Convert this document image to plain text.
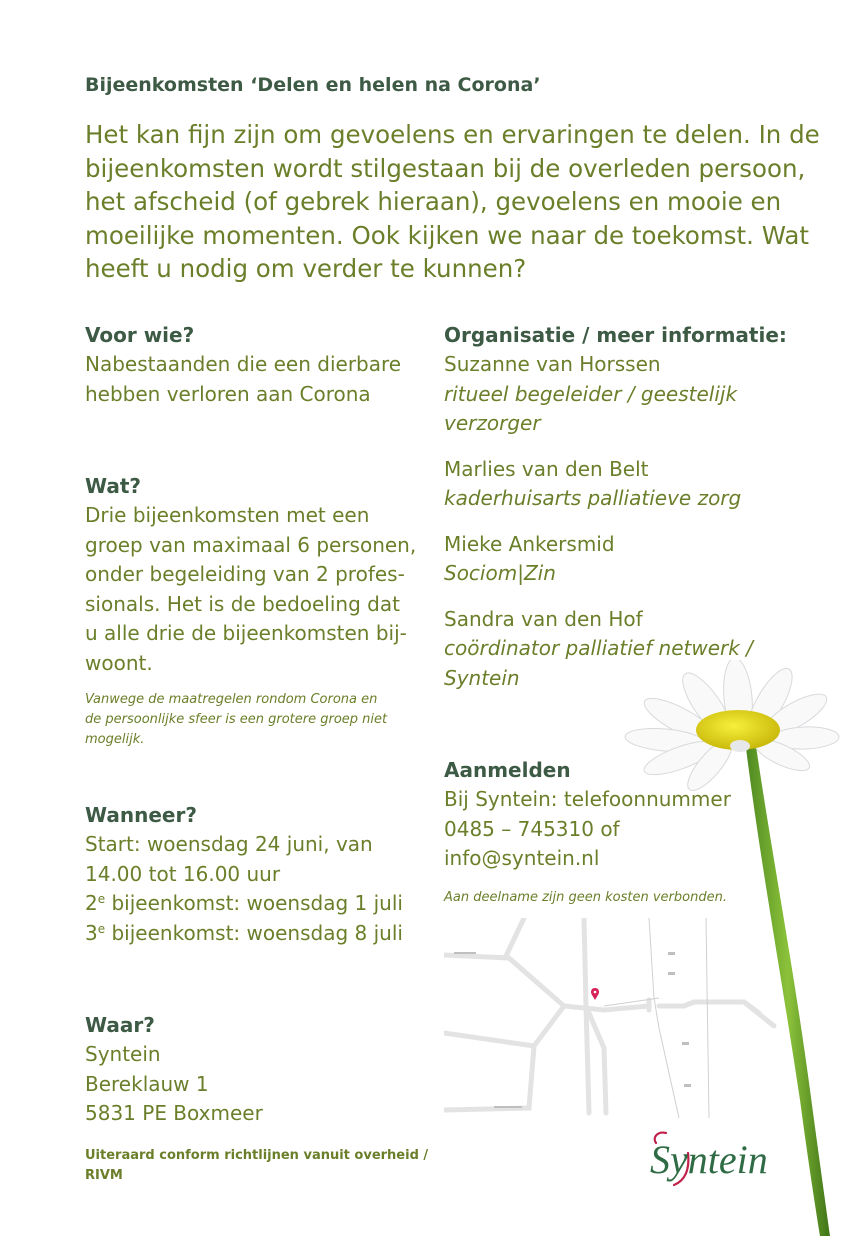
Bijeenkomsten ‘Delen en helen na Corona’
Het kan fijn zijn om gevoelens en ervaringen te delen. In de
bijeenkomsten wordt stilgestaan bij de overleden persoon,
het afscheid (of gebrek hieraan), gevoelens en mooie en
moeilijke momenten. Ook kijken we naar de toekomst. Wat
heeft u nodig om verder te kunnen?
Voor wie?
Nabestaanden die een dierbare
hebben verloren aan Corona
Wat?
Drie bijeenkomsten met een
groep van maximaal 6 personen,
onder begeleiding van 2 profes-
sionals. Het is de bedoeling dat
u alle drie de bijeenkomsten bij-
woont.
Vanwege de maatregelen rondom Corona en
de persoonlijke sfeer is een grotere groep niet
mogelijk.
Wanneer?
Start: woensdag 24 juni, van
14.00 tot 16.00 uur
2e bijeenkomst: woensdag 1 juli
3e bijeenkomst: woensdag 8 juli
Waar?
Syntein
Bereklauw 1
5831 PE Boxmeer
Uiteraard conform richtlijnen vanuit overheid /
RIVM
Organisatie / meer informatie:
Suzanne van Horssen
ritueel begeleider / geestelijk
verzorger
Marlies van den Belt
kaderhuisarts palliatieve zorg
Mieke Ankersmid
Sociom|Zin
Sandra van den Hof
coördinator palliatief netwerk /
Syntein
Aanmelden
Bij Syntein: telefoonnummer
0485 – 745310 of
info@syntein.nl
Aan deelname zijn geen kosten verbonden.
Syntein
